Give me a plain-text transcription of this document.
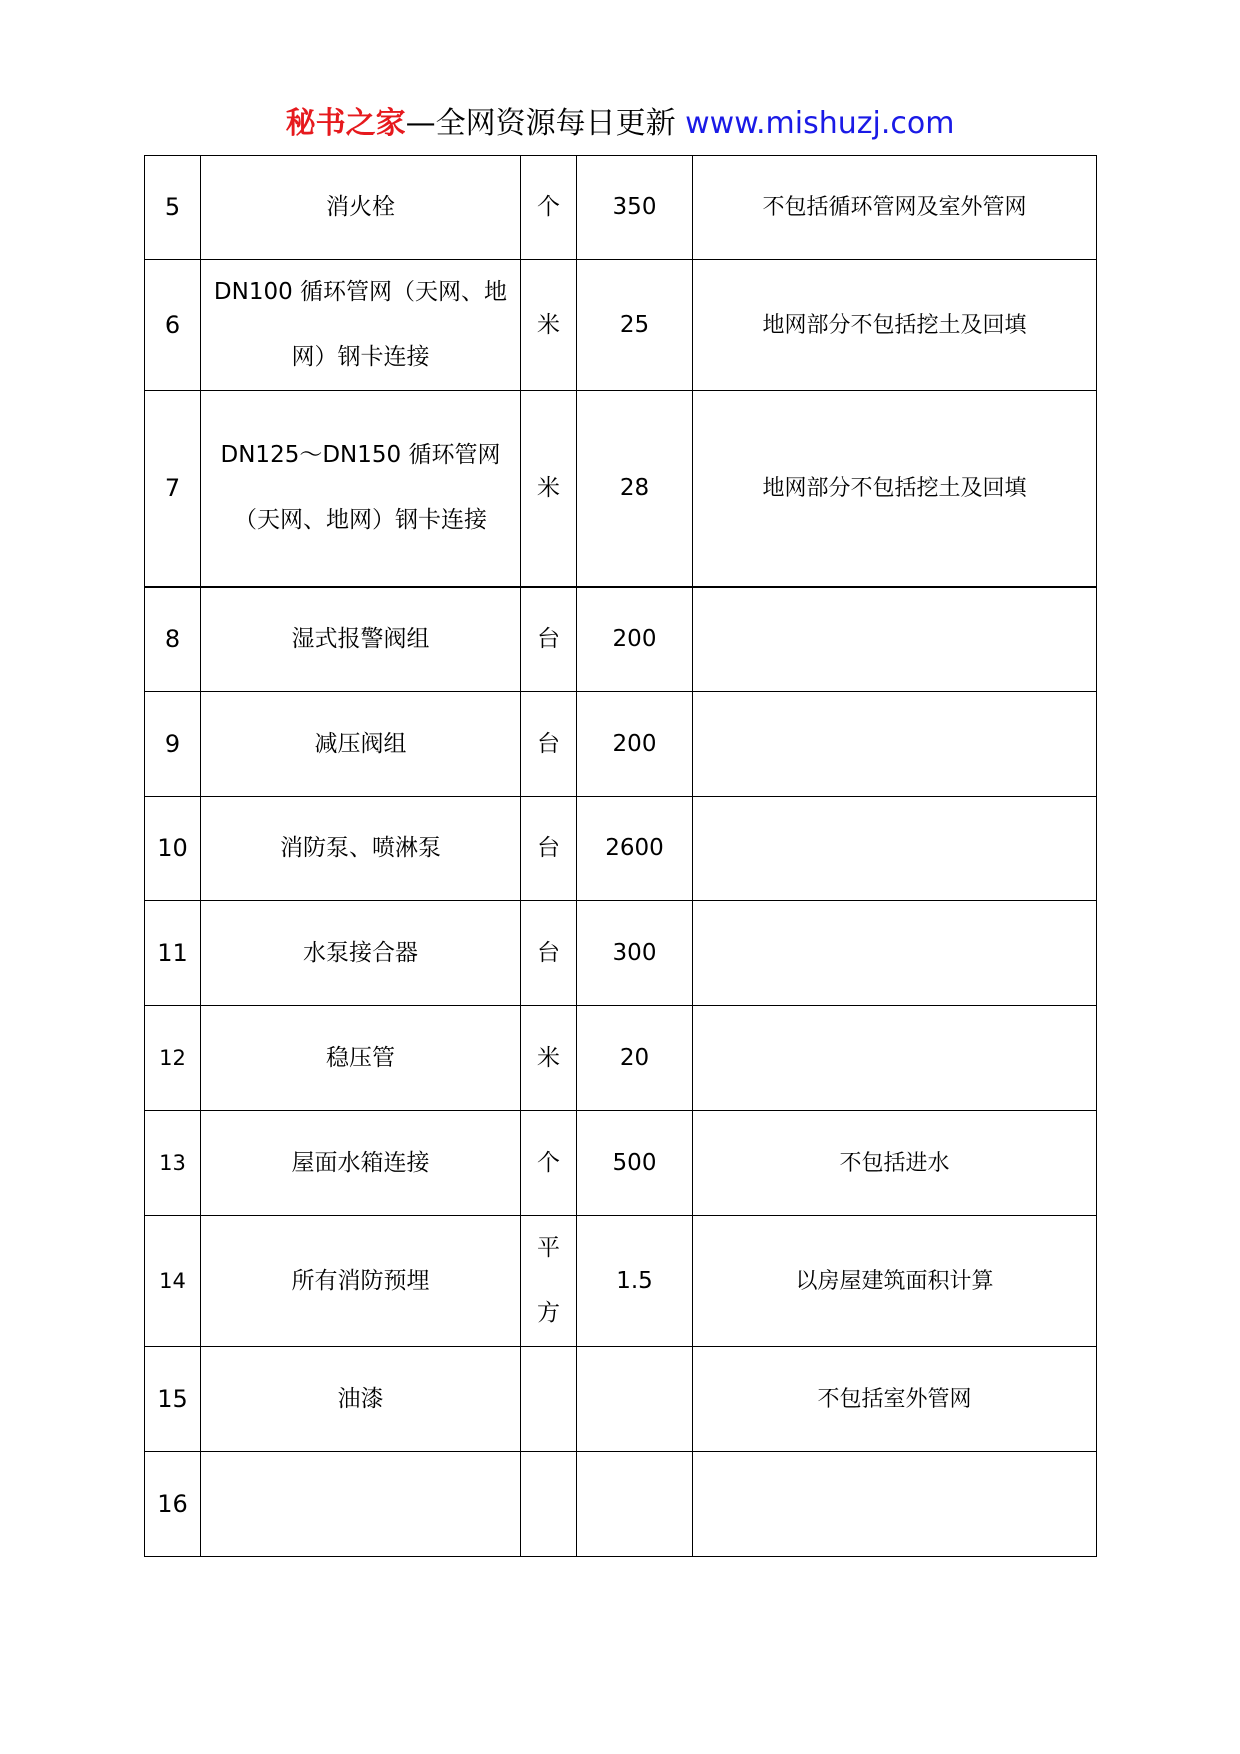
秘书之家—全网资源每日更新 www.mishuzj.com
5	消火栓	个	350	不包括循环管网及室外管网
6	DN100 循环管网（天网、地网）钢卡连接	米	25	地网部分不包括挖土及回填
7	DN125～DN150 循环管网（天网、地网）钢卡连接	米	28	地网部分不包括挖土及回填
8	湿式报警阀组	台	200	
9	减压阀组	台	200	
10	消防泵、喷淋泵	台	2600	
11	水泵接合器	台	300	
12	稳压管	米	20	
13	屋面水箱连接	个	500	不包括进水
14	所有消防预埋	平方	1.5	以房屋建筑面积计算
15	油漆			不包括室外管网
16				
